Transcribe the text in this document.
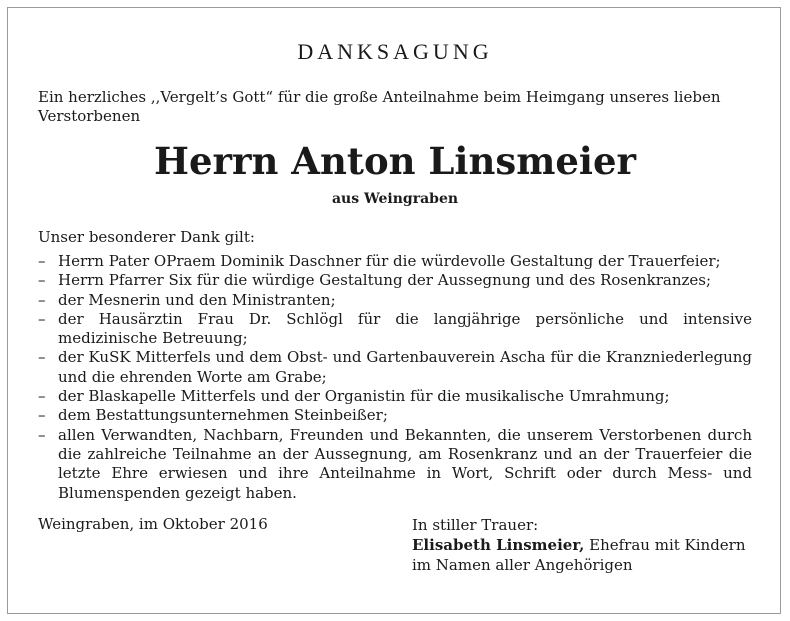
DANKSAGUNG
Ein herzliches ‚‚Vergelt’s Gott“ für die große Anteilnahme beim Heimgang unseres lieben Verstorbenen
Herrn Anton Linsmeier
aus Weingraben
Unser besonderer Dank gilt:
– Herrn Pater OPraem Dominik Daschner für die würdevolle Gestaltung der Trauerfeier;
– Herrn Pfarrer Six für die würdige Gestaltung der Aussegnung und des Rosenkranzes;
– der Mesnerin und den Ministranten;
– der Hausärztin Frau Dr. Schlögl für die langjährige persönliche und intensive medizinische Betreuung;
– der KuSK Mitterfels und dem Obst- und Gartenbauverein Ascha für die Kranzniederlegung und die ehrenden Worte am Grabe;
– der Blaskapelle Mitterfels und der Organistin für die musikalische Umrahmung;
– dem Bestattungsunternehmen Steinbeißer;
– allen Verwandten, Nachbarn, Freunden und Bekannten, die unserem Verstorbenen durch die zahlreiche Teilnahme an der Aussegnung, am Rosenkranz und an der Trauerfeier die letzte Ehre erwiesen und ihre Anteilnahme in Wort, Schrift oder durch Mess- und Blumenspenden gezeigt haben.
Weingraben, im Oktober 2016	In stiller Trauer:
Elisabeth Linsmeier, Ehefrau mit Kindern
im Namen aller Angehörigen
